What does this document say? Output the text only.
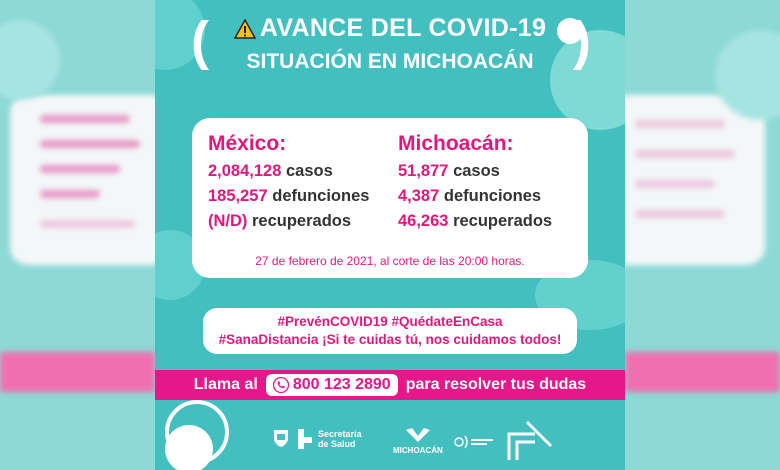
(	)
AVANCE DEL COVID-19
SITUACIÓN EN MICHOACÁN
México:
2,084,128 casos
185,257 defunciones
(N/D) recuperados
Michoacán:
51,877 casos
4,387 defunciones
46,263 recuperados
27 de febrero de 2021, al corte de las 20:00 horas.
#PrevénCOVID19 #QuédateEnCasa
#SanaDistancia ¡Si te cuidas tú, nos cuidamos todos!
Llama al 800 123 2890 para resolver tus dudas
Secretaría
de Salud
MICHOACÁN
